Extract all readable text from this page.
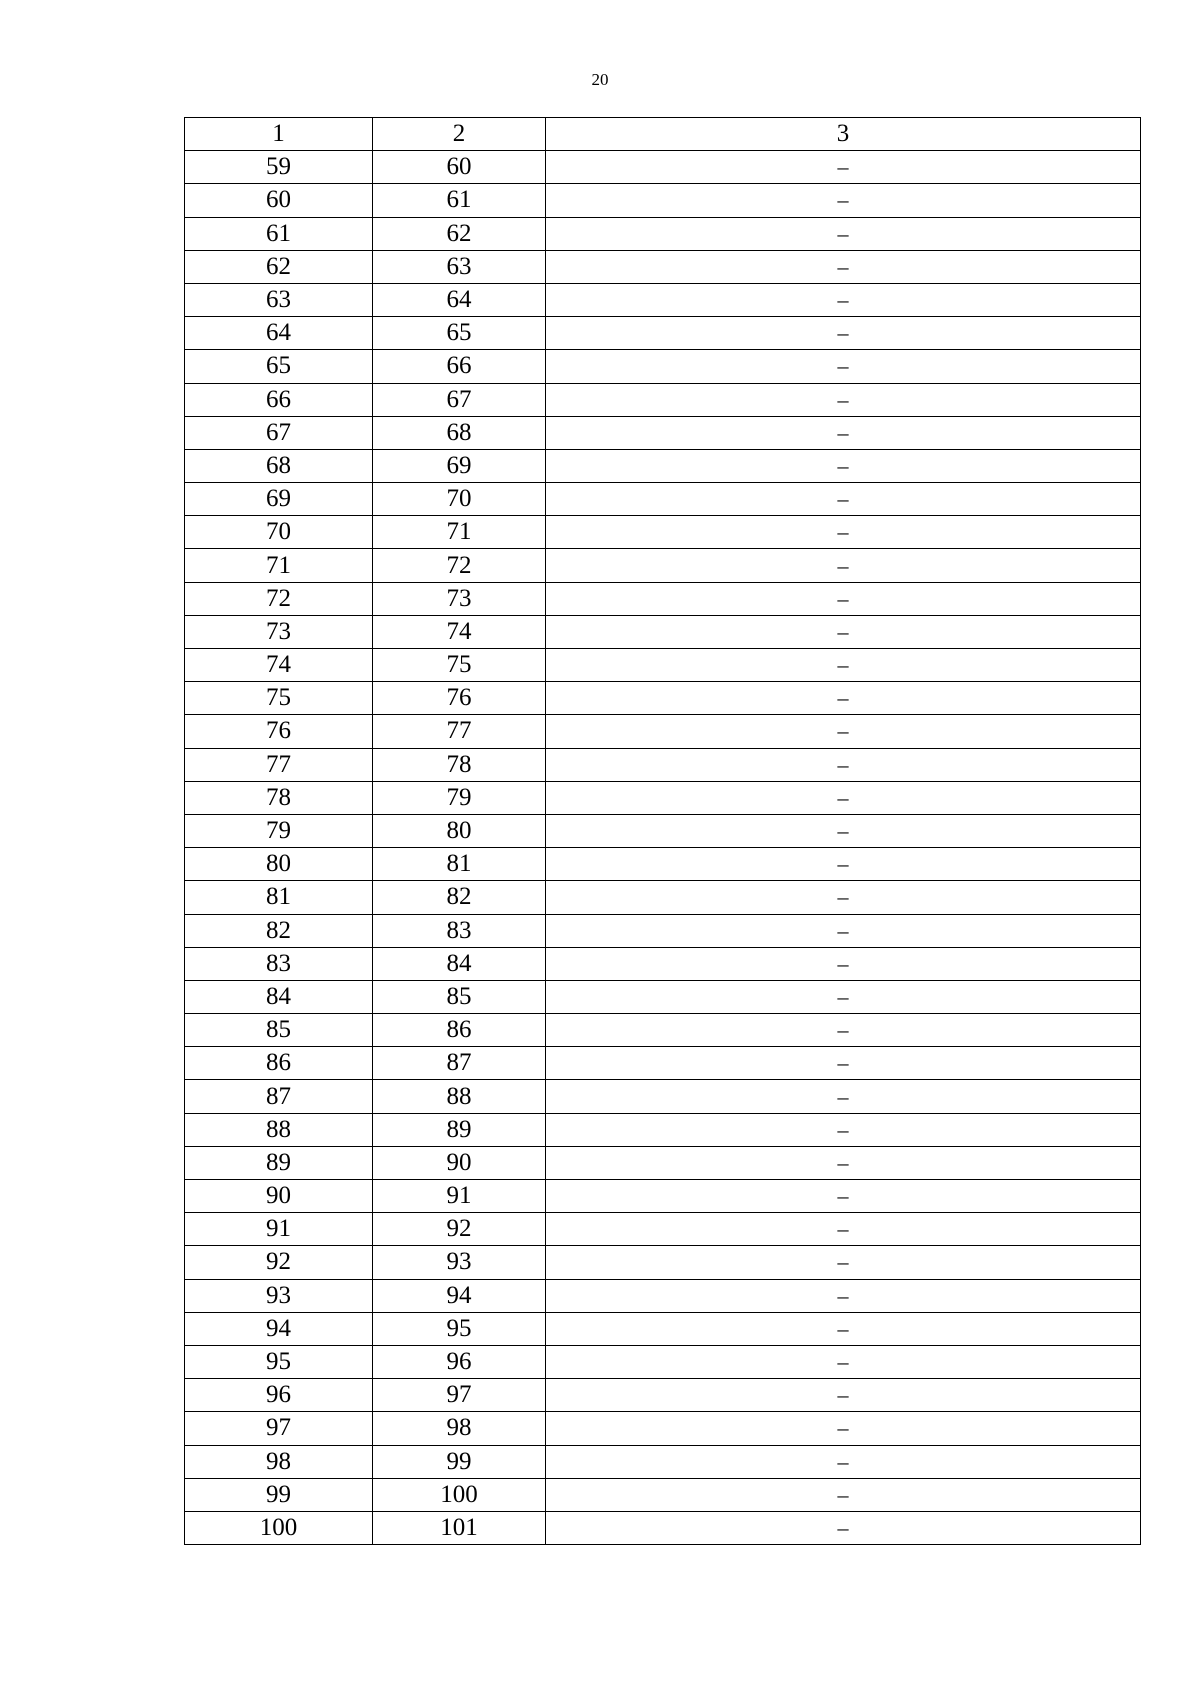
20
1	2	3
59	60	–
60	61	–
61	62	–
62	63	–
63	64	–
64	65	–
65	66	–
66	67	–
67	68	–
68	69	–
69	70	–
70	71	–
71	72	–
72	73	–
73	74	–
74	75	–
75	76	–
76	77	–
77	78	–
78	79	–
79	80	–
80	81	–
81	82	–
82	83	–
83	84	–
84	85	–
85	86	–
86	87	–
87	88	–
88	89	–
89	90	–
90	91	–
91	92	–
92	93	–
93	94	–
94	95	–
95	96	–
96	97	–
97	98	–
98	99	–
99	100	–
100	101	–
